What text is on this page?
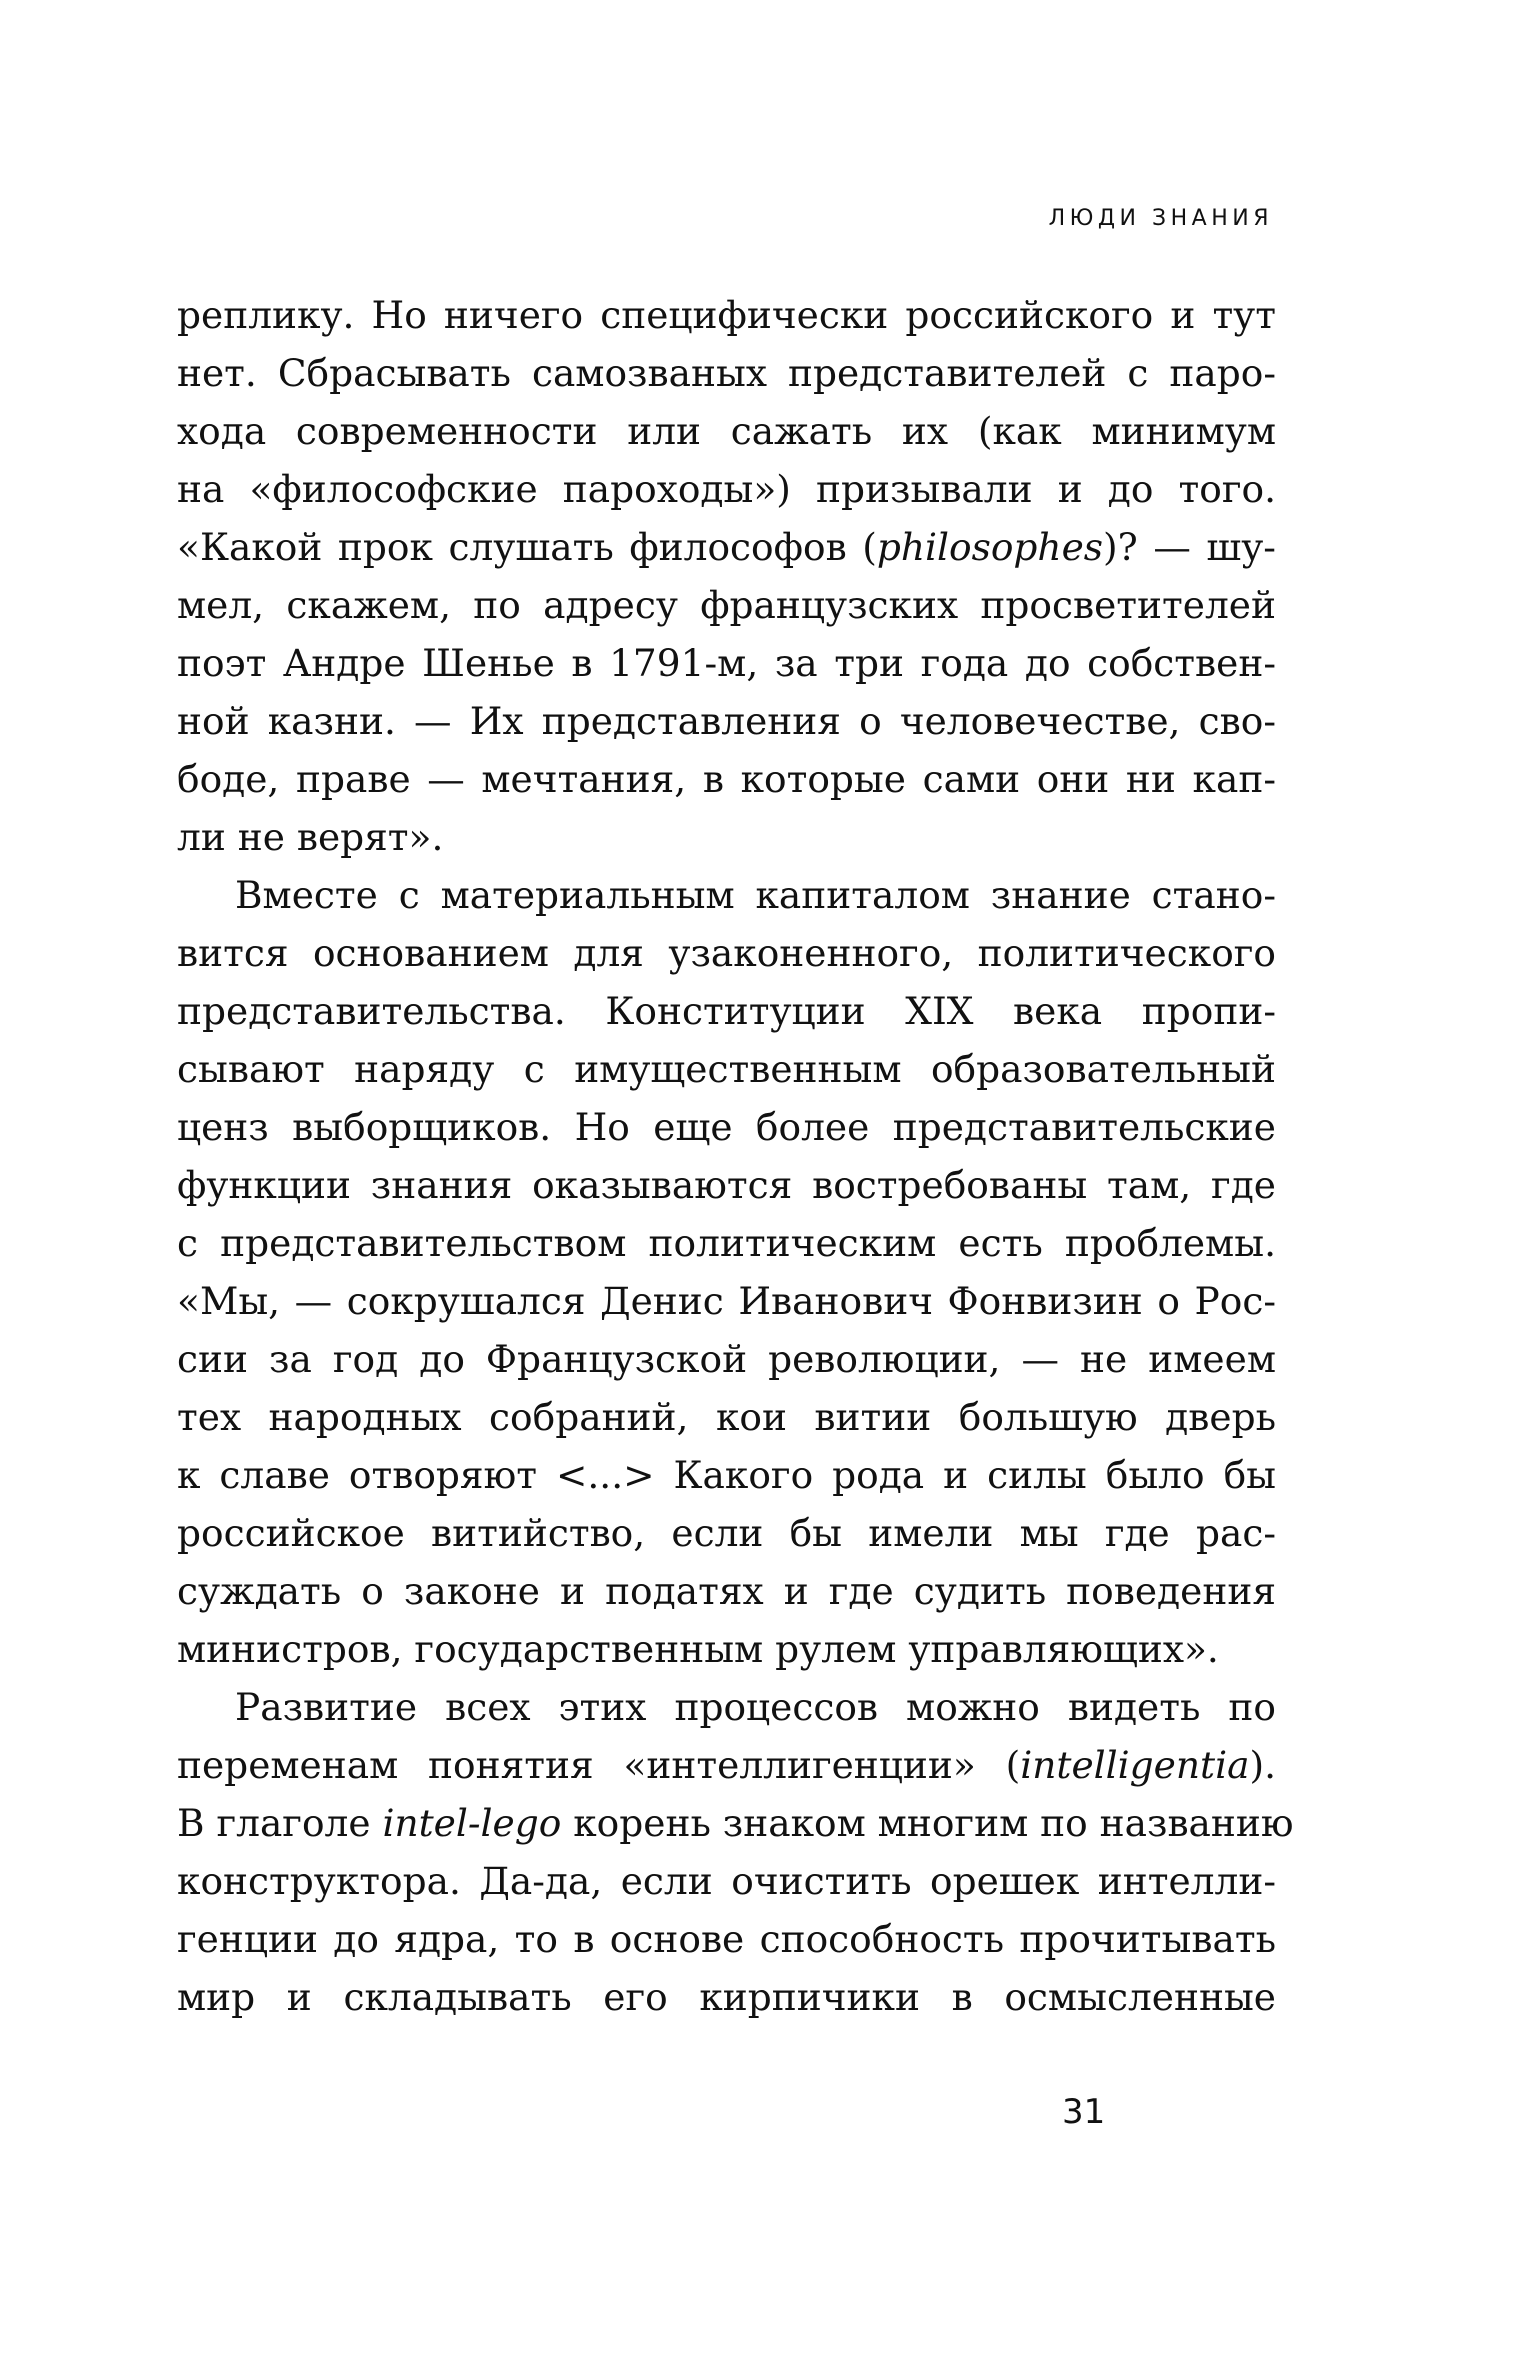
ЛЮДИ ЗНАНИЯ
реплику. Но ничего специфически российского и тут
нет. Сбрасывать самозваных представителей с паро-
хода современности или сажать их (как минимум
на «философские пароходы») призывали и до того.
«Какой прок слушать философов (philosophes)? — шу-
мел, скажем, по адресу французских просветителей
поэт Андре Шенье в 1791-м, за три года до собствен-
ной казни. — Их представления о человечестве, сво-
боде, праве — мечтания, в которые сами они ни кап-
ли не верят».
Вместе с материальным капиталом знание стано-
вится основанием для узаконенного, политического
представительства. Конституции XIX века пропи-
сывают наряду с имущественным образовательный
ценз выборщиков. Но еще более представительские
функции знания оказываются востребованы там, где
с представительством политическим есть проблемы.
«Мы, — сокрушался Денис Иванович Фонвизин о Рос-
сии за год до Французской революции, — не имеем
тех народных собраний, кои витии большую дверь
к славе отворяют <...> Какого рода и силы было бы
российское витийство, если бы имели мы где рас-
суждать о законе и податях и где судить поведения
министров, государственным рулем управляющих».
Развитие всех этих процессов можно видеть по
переменам понятия «интеллигенции» (intelligentia).
В глаголе intel-lego корень знаком многим по названию
конструктора. Да-да, если очистить орешек интелли-
генции до ядра, то в основе способность прочитывать
мир и складывать его кирпичики в осмысленные
31
